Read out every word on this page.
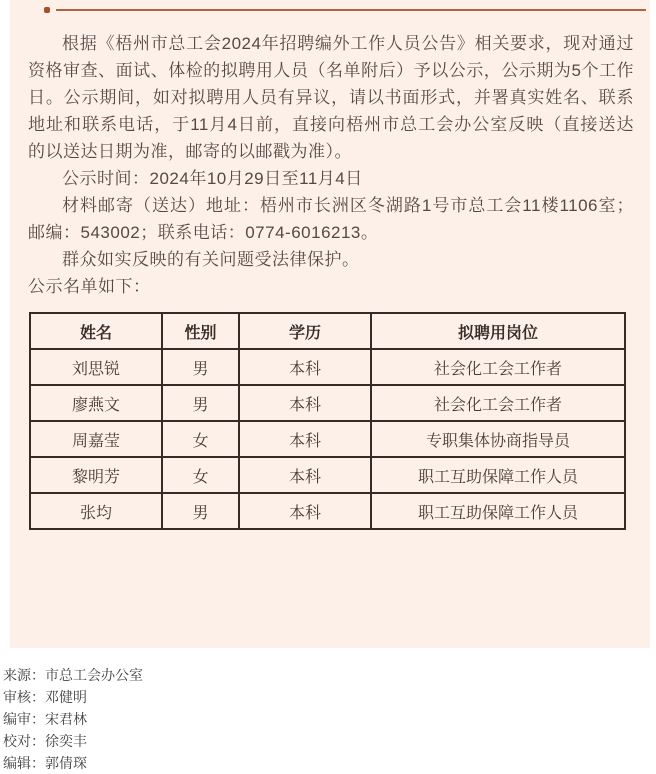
根据《梧州市总工会2024年招聘编外工作人员公告》相关要求，现对通过资格审查、面试、体检的拟聘用人员（名单附后）予以公示，公示期为5个工作日。公示期间，如对拟聘用人员有异议，请以书面形式，并署真实姓名、联系地址和联系电话，于11月4日前，直接向梧州市总工会办公室反映（直接送达的以送达日期为准，邮寄的以邮戳为准）。

公示时间：2024年10月29日至11月4日

材料邮寄（送达）地址：梧州市长洲区冬湖路1号市总工会11楼1106室；邮编：543002；联系电话：0774-6016213。

群众如实反映的有关问题受法律保护。

公示名单如下：

姓名	性别	学历	拟聘用岗位
刘思锐	男	本科	社会化工会工作者
廖燕文	男	本科	社会化工会工作者
周嘉莹	女	本科	专职集体协商指导员
黎明芳	女	本科	职工互助保障工作人员
张均	男	本科	职工互助保障工作人员
来源：市总工会办公室
审核：邓健明
编审：宋君林
校对：徐奕丰
编辑：郭倩琛
